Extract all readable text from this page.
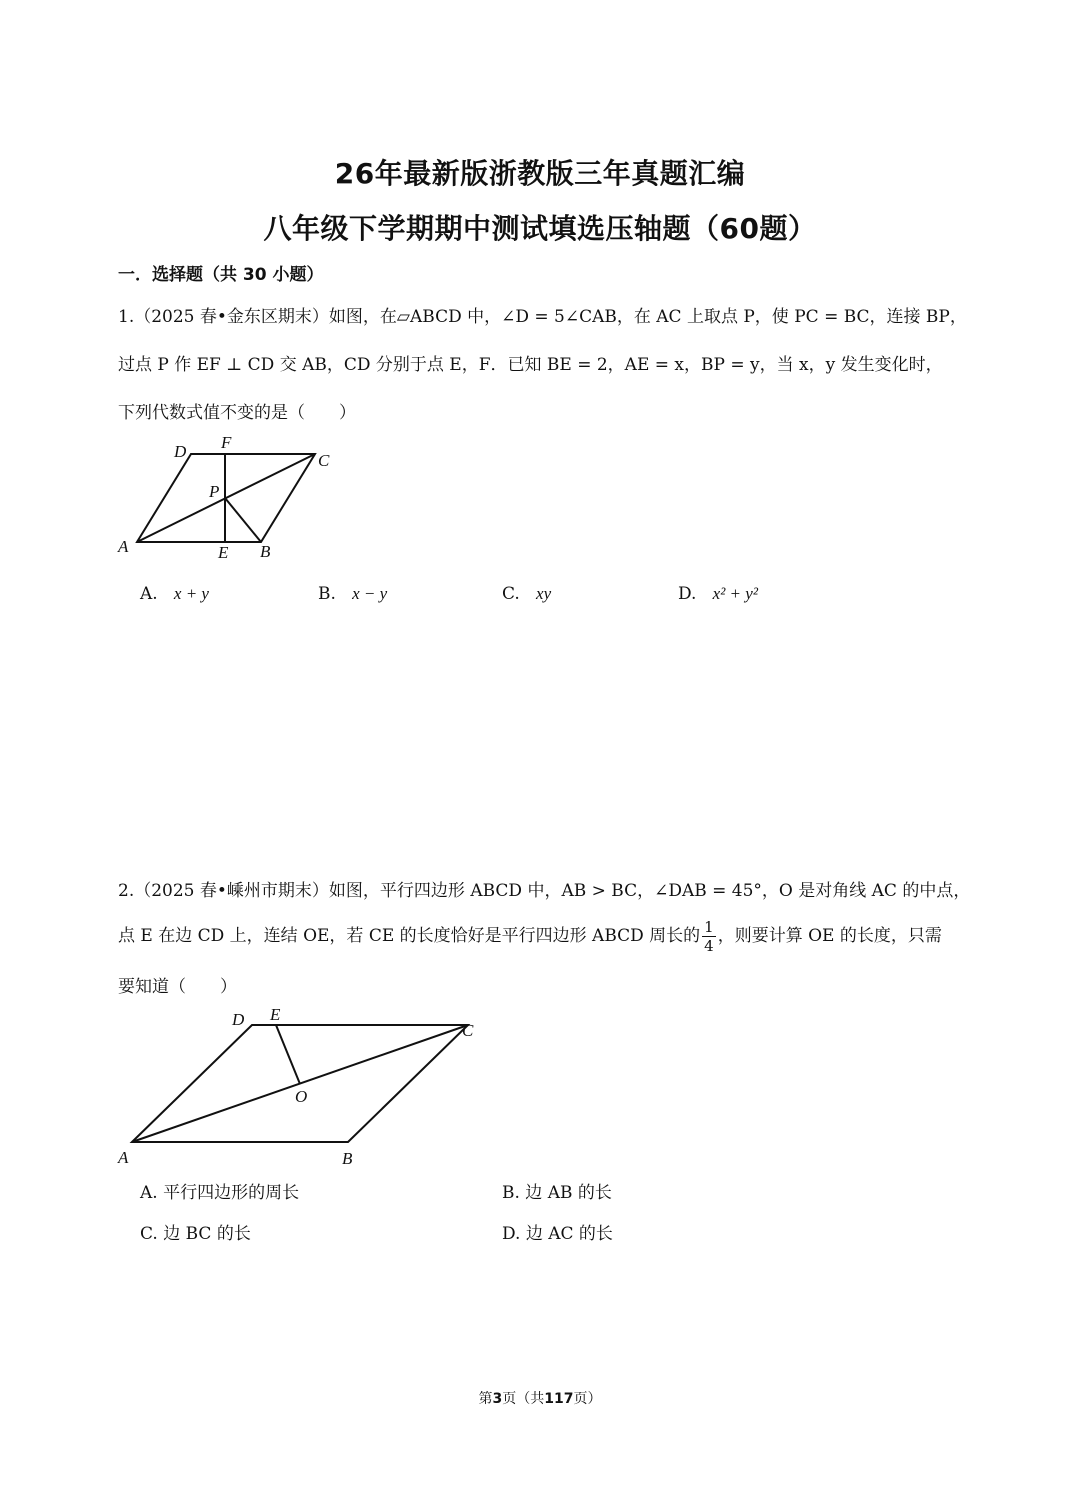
26年最新版浙教版三年真题汇编
八年级下学期期中测试填选压轴题（60题）
一．选择题（共 30 小题）
1.（2025 春•金东区期末）如图，在▱ABCD 中，∠D = 5∠CAB，在 AC 上取点 P，使 PC = BC，连接 BP，
过点 P 作 EF ⊥ CD 交 AB，CD 分别于点 E，F．已知 BE = 2，AE = x，BP = y，当 x，y 发生变化时，
下列代数式值不变的是（　　）
D F
C
P
A	E B
A. x + y	B. x − y	C. xy	D. x² + y²
2.（2025 春•嵊州市期末）如图，平行四边形 ABCD 中，AB > BC，∠DAB = 45°，O 是对角线 AC 的中点，
点 E 在边 CD 上，连结 OE，若 CE 的长度恰好是平行四边形 ABCD 周长的 $\frac{1}{4}$ ，则要计算 OE 的长度，只需
要知道（　　）
D E
C
O
A	B
A. 平行四边形的周长	B. 边 AB 的长
C. 边 BC 的长	D. 边 AC 的长
第3页（共117页）
